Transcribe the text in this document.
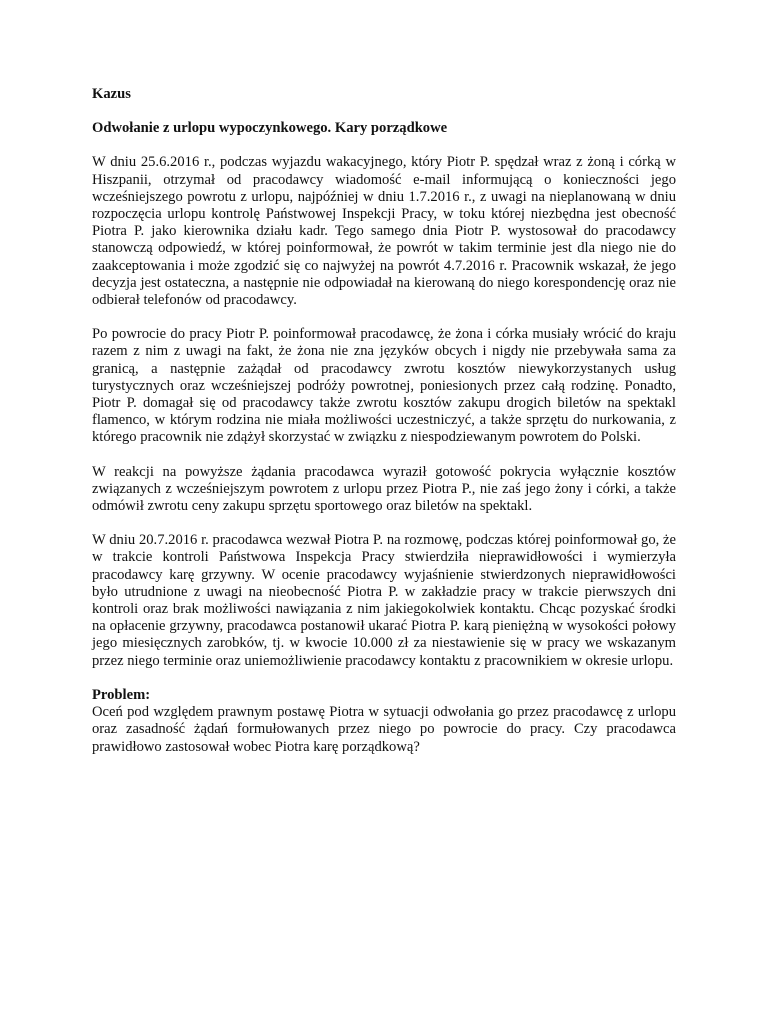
Kazus

Odwołanie z urlopu wypoczynkowego. Kary porządkowe

W dniu 25.6.2016 r., podczas wyjazdu wakacyjnego, który Piotr P. spędzał wraz z żoną i córką w Hiszpanii, otrzymał od pracodawcy wiadomość e-mail informującą o konieczności jego wcześniejszego powrotu z urlopu, najpóźniej w dniu 1.7.2016 r., z uwagi na nieplanowaną w dniu rozpoczęcia urlopu kontrolę Państwowej Inspekcji Pracy, w toku której niezbędna jest obecność Piotra P. jako kierownika działu kadr. Tego samego dnia Piotr P. wystosował do pracodawcy stanowczą odpowiedź, w której poinformował, że powrót w takim terminie jest dla niego nie do zaakceptowania i może zgodzić się co najwyżej na powrót 4.7.2016 r. Pracownik wskazał, że jego decyzja jest ostateczna, a następnie nie odpowiadał na kierowaną do niego korespondencję oraz nie odbierał telefonów od pracodawcy.

Po powrocie do pracy Piotr P. poinformował pracodawcę, że żona i córka musiały wrócić do kraju razem z nim z uwagi na fakt, że żona nie zna języków obcych i nigdy nie przebywała sama za granicą, a następnie zażądał od pracodawcy zwrotu kosztów niewykorzystanych usług turystycznych oraz wcześniejszej podróży powrotnej, poniesionych przez całą rodzinę. Ponadto, Piotr P. domagał się od pracodawcy także zwrotu kosztów zakupu drogich biletów na spektakl flamenco, w którym rodzina nie miała możliwości uczestniczyć, a także sprzętu do nurkowania, z którego pracownik nie zdążył skorzystać w związku z niespodziewanym powrotem do Polski.

W reakcji na powyższe żądania pracodawca wyraził gotowość pokrycia wyłącznie kosztów związanych z wcześniejszym powrotem z urlopu przez Piotra P., nie zaś jego żony i córki, a także odmówił zwrotu ceny zakupu sprzętu sportowego oraz biletów na spektakl.

W dniu 20.7.2016 r. pracodawca wezwał Piotra P. na rozmowę, podczas której poinformował go, że w trakcie kontroli Państwowa Inspekcja Pracy stwierdziła nieprawidłowości i wymierzyła pracodawcy karę grzywny. W ocenie pracodawcy wyjaśnienie stwierdzonych nieprawidłowości było utrudnione z uwagi na nieobecność Piotra P. w zakładzie pracy w trakcie pierwszych dni kontroli oraz brak możliwości nawiązania z nim jakiegokolwiek kontaktu. Chcąc pozyskać środki na opłacenie grzywny, pracodawca postanowił ukarać Piotra P. karą pieniężną w wysokości połowy jego miesięcznych zarobków, tj. w kwocie 10.000 zł za niestawienie się w pracy we wskazanym przez niego terminie oraz uniemożliwienie pracodawcy kontaktu z pracownikiem w okresie urlopu.

Problem:

Oceń pod względem prawnym postawę Piotra w sytuacji odwołania go przez pracodawcę z urlopu oraz zasadność żądań formułowanych przez niego po powrocie do pracy. Czy pracodawca prawidłowo zastosował wobec Piotra karę porządkową?
